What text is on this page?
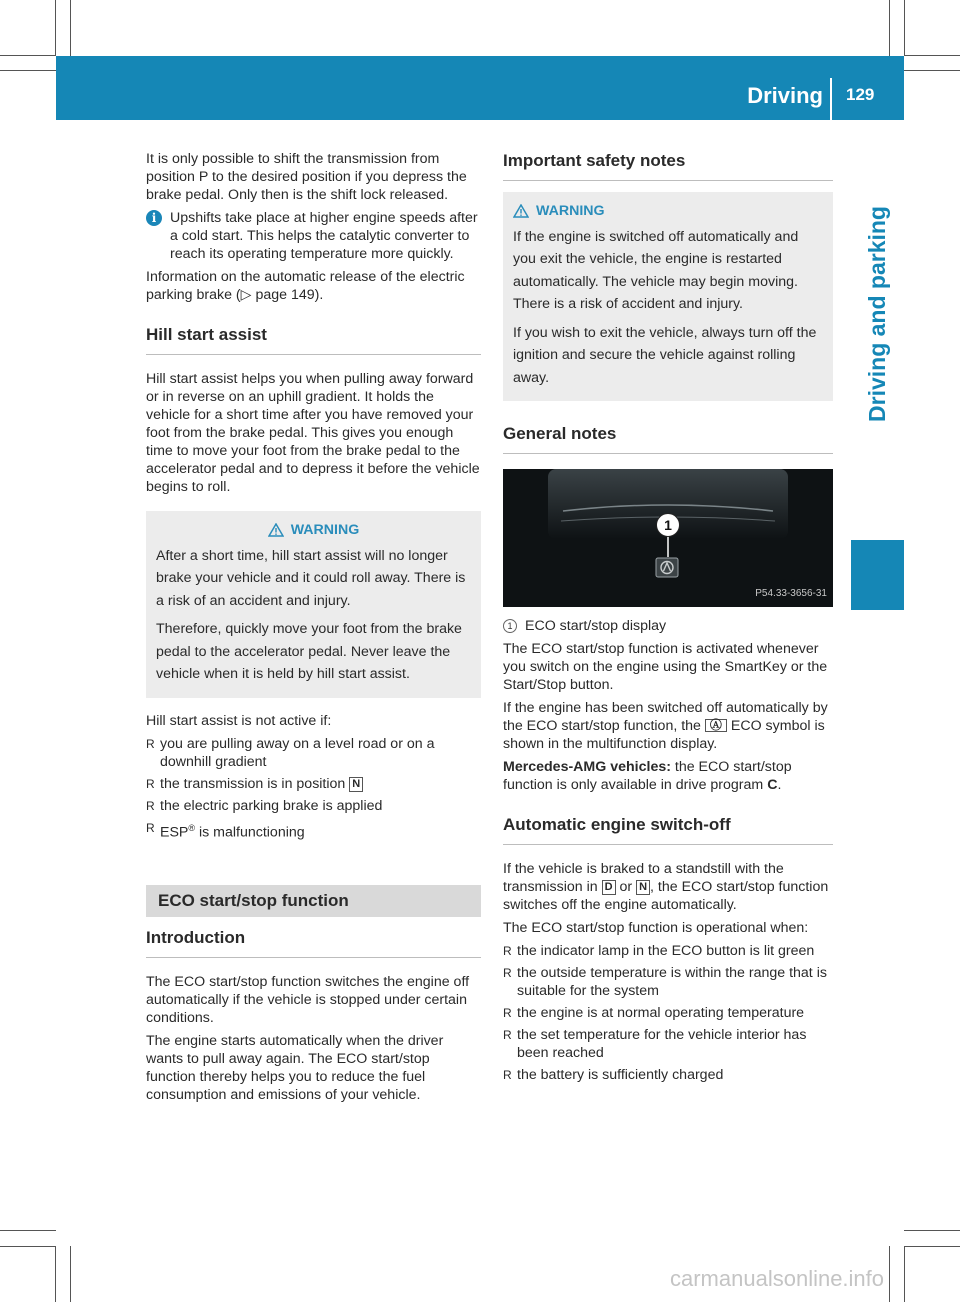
Driving 129
Driving and parking

It is only possible to shift the transmission from position P to the desired position if you depress the brake pedal. Only then is the shift lock released.

i Upshifts take place at higher engine speeds after a cold start. This helps the catalytic converter to reach its operating temperature more quickly.

Information on the automatic release of the electric parking brake (▷ page 149).

Hill start assist

Hill start assist helps you when pulling away forward or in reverse on an uphill gradient. It holds the vehicle for a short time after you have removed your foot from the brake pedal. This gives you enough time to move your foot from the brake pedal to the accelerator pedal and to depress it before the vehicle begins to roll.

WARNING

After a short time, hill start assist will no longer brake your vehicle and it could roll away. There is a risk of an accident and injury.

Therefore, quickly move your foot from the brake pedal to the accelerator pedal. Never leave the vehicle when it is held by hill start assist.

Hill start assist is not active if:

R you are pulling away on a level road or on a downhill gradient
R the transmission is in position N
R the electric parking brake is applied
R ESP® is malfunctioning
ECO start/stop function
Introduction

The ECO start/stop function switches the engine off automatically if the vehicle is stopped under certain conditions.

The engine starts automatically when the driver wants to pull away again. The ECO start/stop function thereby helps you to reduce the fuel consumption and emissions of your vehicle.

Important safety notes
WARNING

If the engine is switched off automatically and you exit the vehicle, the engine is restarted automatically. The vehicle may begin moving. There is a risk of accident and injury.

If you wish to exit the vehicle, always turn off the ignition and secure the vehicle against rolling away.

General notes
1
P54.33-3656-31
1 ECO start/stop display

The ECO start/stop function is activated whenever you switch on the engine using the SmartKey or the Start/Stop button.

If the engine has been switched off automatically by the ECO start/stop function, the Ⓐ ECO symbol is shown in the multifunction display.

Mercedes-AMG vehicles: the ECO start/stop function is only available in drive program C.

Automatic engine switch-off

If the vehicle is braked to a standstill with the transmission in D or N , the ECO start/stop function switches off the engine automatically.

The ECO start/stop function is operational when:

R the indicator lamp in the ECO button is lit green
R the outside temperature is within the range that is suitable for the system
R the engine is at normal operating temperature
R the set temperature for the vehicle interior has been reached
R the battery is sufficiently charged
carmanualsonline.info
